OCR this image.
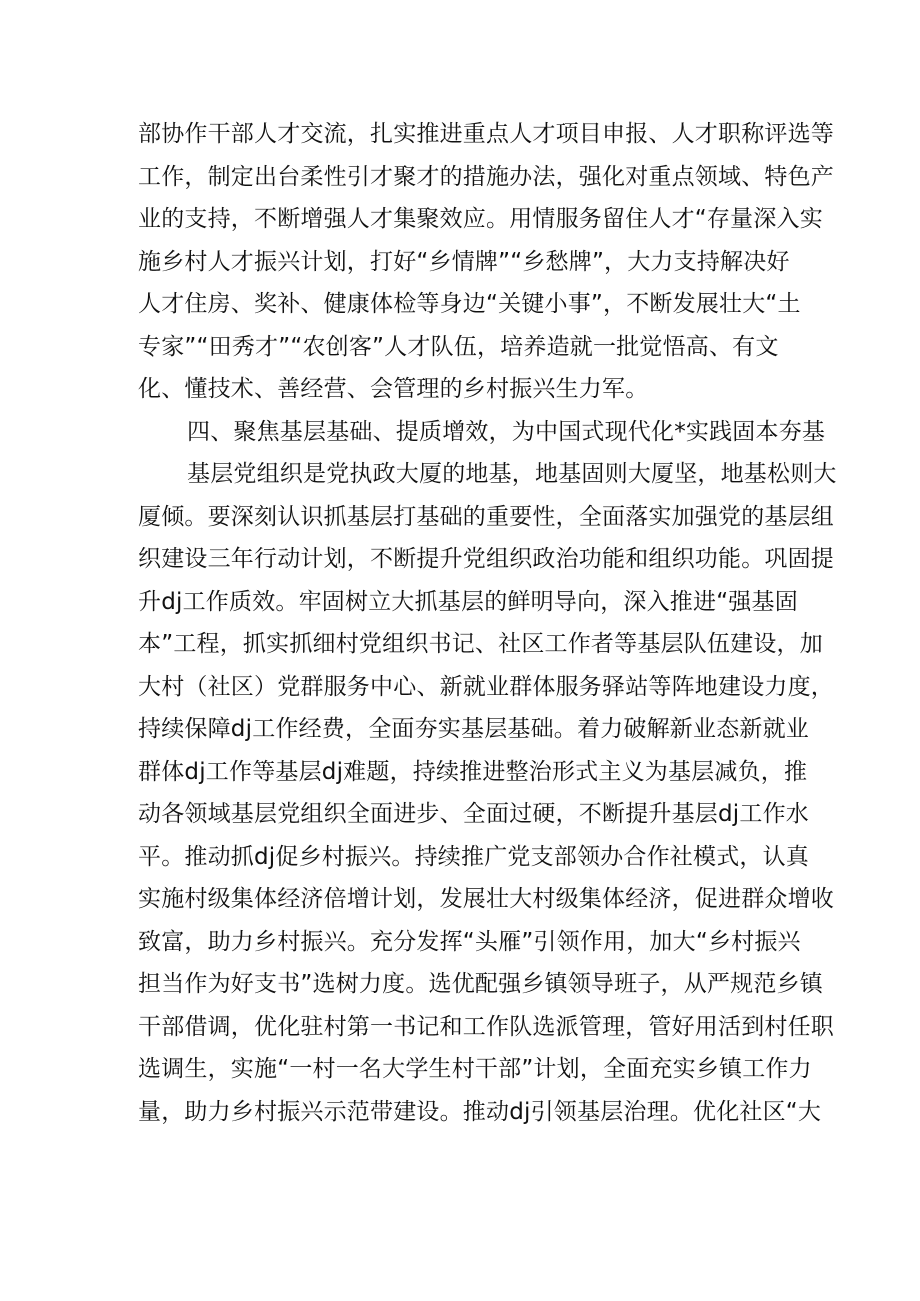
部协作干部人才交流，扎实推进重点人才项目申报、人才职称评选等
工作，制定出台柔性引才聚才的措施办法，强化对重点领域、特色产
业的支持，不断增强人才集聚效应。用情服务留住人才“存量深入实
施乡村人才振兴计划，打好“乡情牌”“乡愁牌”，大力支持解决好
人才住房、奖补、健康体检等身边“关键小事”，不断发展壮大“土
专家”“田秀才”“农创客”人才队伍，培养造就一批觉悟高、有文
化、懂技术、善经营、会管理的乡村振兴生力军。
四、聚焦基层基础、提质增效，为中国式现代化*实践固本夯基
基层党组织是党执政大厦的地基，地基固则大厦坚，地基松则大
厦倾。要深刻认识抓基层打基础的重要性，全面落实加强党的基层组
织建设三年行动计划，不断提升党组织政治功能和组织功能。巩固提
升dj工作质效。牢固树立大抓基层的鲜明导向，深入推进“强基固
本”工程，抓实抓细村党组织书记、社区工作者等基层队伍建设，加
大村（社区）党群服务中心、新就业群体服务驿站等阵地建设力度，
持续保障dj工作经费，全面夯实基层基础。着力破解新业态新就业
群体dj工作等基层dj难题，持续推进整治形式主义为基层减负，推
动各领域基层党组织全面进步、全面过硬，不断提升基层dj工作水
平。推动抓dj促乡村振兴。持续推广党支部领办合作社模式，认真
实施村级集体经济倍增计划，发展壮大村级集体经济，促进群众增收
致富，助力乡村振兴。充分发挥“头雁”引领作用，加大“乡村振兴
担当作为好支书”选树力度。选优配强乡镇领导班子，从严规范乡镇
干部借调，优化驻村第一书记和工作队选派管理，管好用活到村任职
选调生，实施“一村一名大学生村干部”计划，全面充实乡镇工作力
量，助力乡村振兴示范带建设。推动dj引领基层治理。优化社区“大
